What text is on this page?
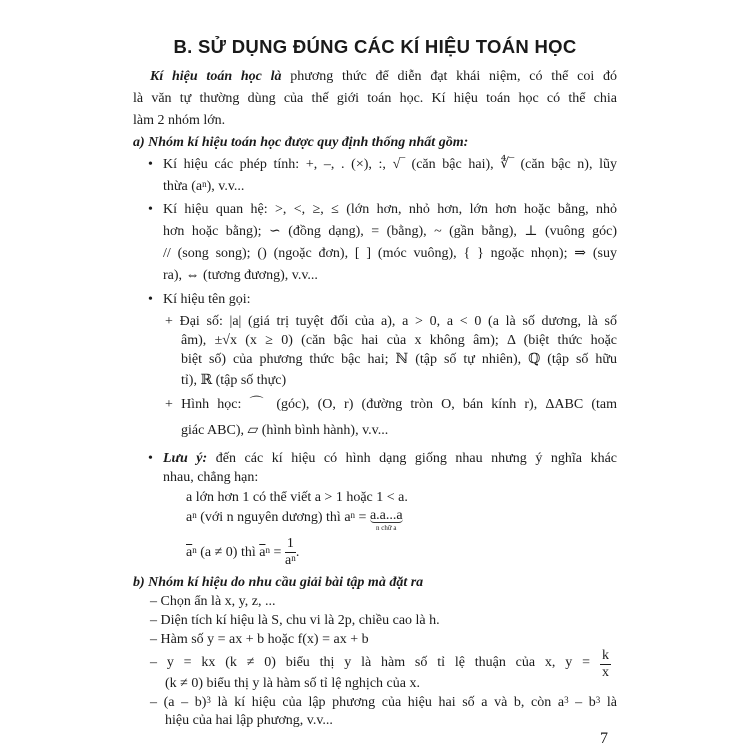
B. SỬ DỤNG ĐÚNG CÁC KÍ HIỆU TOÁN HỌC
Kí hiệu toán học là phương thức để diễn đạt khái niệm, có thể coi đó
là văn tự thường dùng của thế giới toán học. Kí hiệu toán học có thể chia
làm 2 nhóm lớn.
a) Nhóm kí hiệu toán học được quy định thống nhất gồm:
• Kí hiệu các phép tính: +, –, . (×), :, √‾ (căn bậc hai), ∜‾ (căn bậc n), lũy
thừa $(a^n)$, v.v...
• Kí hiệu quan hệ: >, <, ≥, ≤ (lớn hơn, nhỏ hơn, lớn hơn hoặc bằng, nhỏ
hơn hoặc bằng); ∽ (đồng dạng), = (bằng), ~ (gần bằng), ⊥ (vuông góc)
// (song song); () (ngoặc đơn), [ ] (móc vuông), { } ngoặc nhọn); ⇒ (suy
ra), ⇔ (tương đương), v.v...
• Kí hiệu tên gọi:
+ Đại số: |a| (giá trị tuyệt đối của a), a > 0, a < 0 (a là số dương, là số
âm), ±√x (x ≥ 0) (căn bậc hai của x không âm); Δ (biệt thức hoặc
biệt số) của phương thức bậc hai; ℕ (tập số tự nhiên), ℚ (tập số hữu
tỉ), ℝ (tập số thực)
+ Hình học: ⌒ (góc), (O, r) (đường tròn O, bán kính r), ΔABC (tam
giác ABC), ▱ (hình bình hành), v.v...
• Lưu ý: đến các kí hiệu có hình dạng giống nhau nhưng ý nghĩa khác
nhau, chẳng hạn:
a lớn hơn 1 có thể viết a > 1 hoặc 1 < a.
$a^n$ (với n nguyên dương) thì $a^n = a.a...a$
n chữ a
$\overline{a}^n$ (a ≠ 0) thì $\overline{a}^n = \frac{1}{a^n}$ .
b) Nhóm kí hiệu do nhu cầu giải bài tập mà đặt ra
– Chọn ẩn là x, y, z, ...
– Diện tích kí hiệu là S, chu vi là 2p, chiều cao là h.
– Hàm số y = ax + b hoặc f(x) = ax + b
– y = kx (k ≠ 0) biểu thị y là hàm số tỉ lệ thuận của x, $y = \frac{k}{x}$
(k ≠ 0) biểu thị y là hàm số tỉ lệ nghịch của x.
– (a – b)$^3$ là kí hiệu của lập phương của hiệu hai số a và b, còn $a^3 - b^3$ là
hiệu của hai lập phương, v.v...
7
